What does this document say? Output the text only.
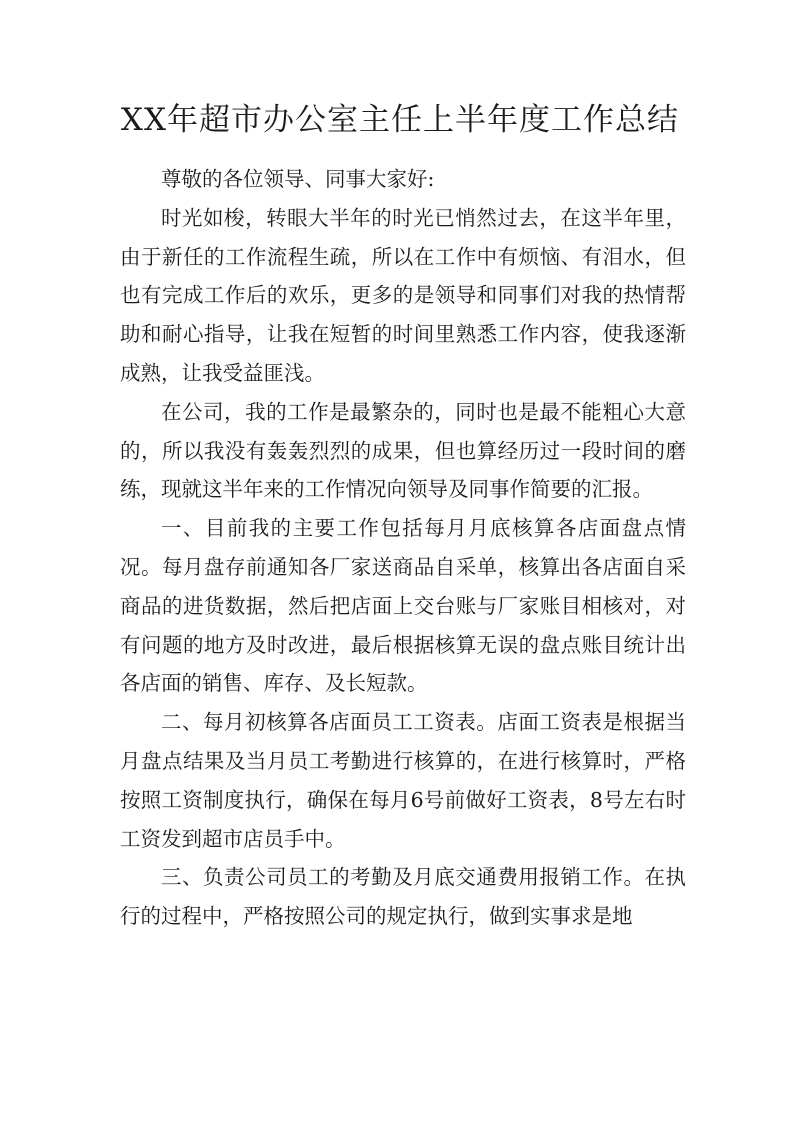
XX年超市办公室主任上半年度工作总结

尊敬的各位领导、同事大家好:

时光如梭，转眼大半年的时光已悄然过去，在这半年里，由于新任的工作流程生疏，所以在工作中有烦恼、有泪水，但也有完成工作后的欢乐，更多的是领导和同事们对我的热情帮助和耐心指导，让我在短暂的时间里熟悉工作内容，使我逐渐成熟，让我受益匪浅。

在公司，我的工作是最繁杂的，同时也是最不能粗心大意的，所以我没有轰轰烈烈的成果，但也算经历过一段时间的磨练，现就这半年来的工作情况向领导及同事作简要的汇报。

一、目前我的主要工作包括每月月底核算各店面盘点情况。每月盘存前通知各厂家送商品自采单，核算出各店面自采商品的进货数据，然后把店面上交台账与厂家账目相核对，对有问题的地方及时改进，最后根据核算无误的盘点账目统计出各店面的销售、库存、及长短款。

二、每月初核算各店面员工工资表。店面工资表是根据当月盘点结果及当月员工考勤进行核算的，在进行核算时，严格按照工资制度执行，确保在每月6号前做好工资表，8号左右时工资发到超市店员手中。

三、负责公司员工的考勤及月底交通费用报销工作。在执行的过程中，严格按照公司的规定执行，做到实事求是地
